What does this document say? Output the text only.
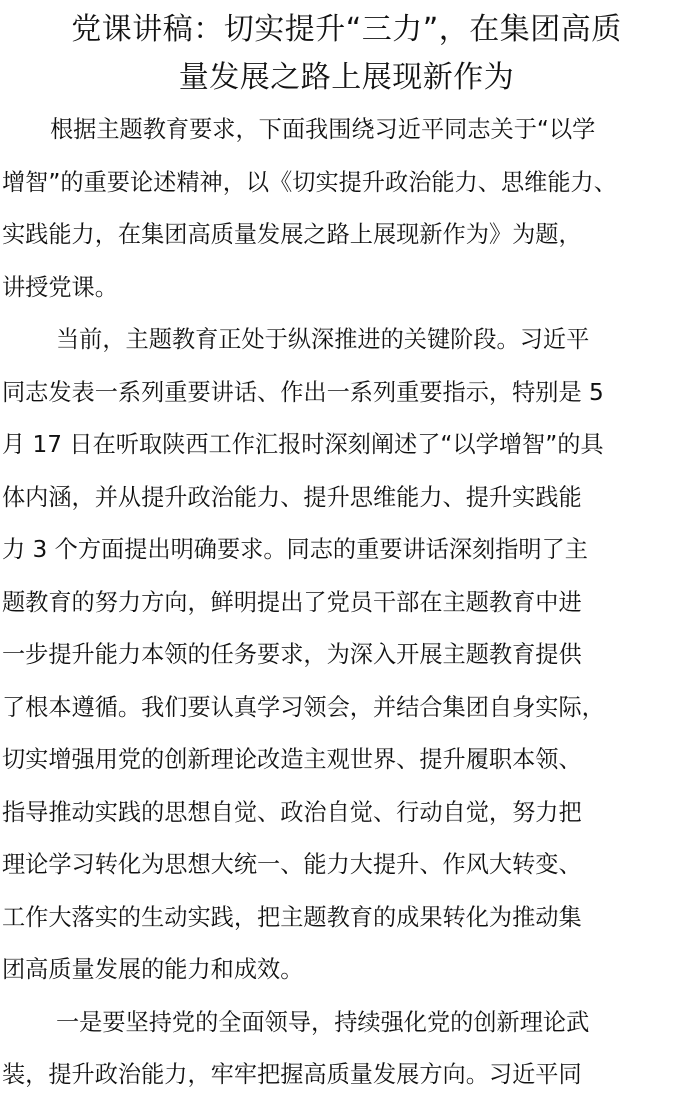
党课讲稿：切实提升“三力”，在集团高质
量发展之路上展现新作为
根据主题教育要求，下面我围绕习近平同志关于“以学
增智”的重要论述精神，以《切实提升政治能力、思维能力、
实践能力，在集团高质量发展之路上展现新作为》为题，
讲授党课。
当前，主题教育正处于纵深推进的关键阶段。习近平
同志发表一系列重要讲话、作出一系列重要指示，特别是 5
月 17 日在听取陕西工作汇报时深刻阐述了“以学增智”的具
体内涵，并从提升政治能力、提升思维能力、提升实践能
力 3 个方面提出明确要求。同志的重要讲话深刻指明了主
题教育的努力方向，鲜明提出了党员干部在主题教育中进
一步提升能力本领的任务要求，为深入开展主题教育提供
了根本遵循。我们要认真学习领会，并结合集团自身实际，
切实增强用党的创新理论改造主观世界、提升履职本领、
指导推动实践的思想自觉、政治自觉、行动自觉，努力把
理论学习转化为思想大统一、能力大提升、作风大转变、
工作大落实的生动实践，把主题教育的成果转化为推动集
团高质量发展的能力和成效。
一是要坚持党的全面领导，持续强化党的创新理论武
装，提升政治能力，牢牢把握高质量发展方向。习近平同
